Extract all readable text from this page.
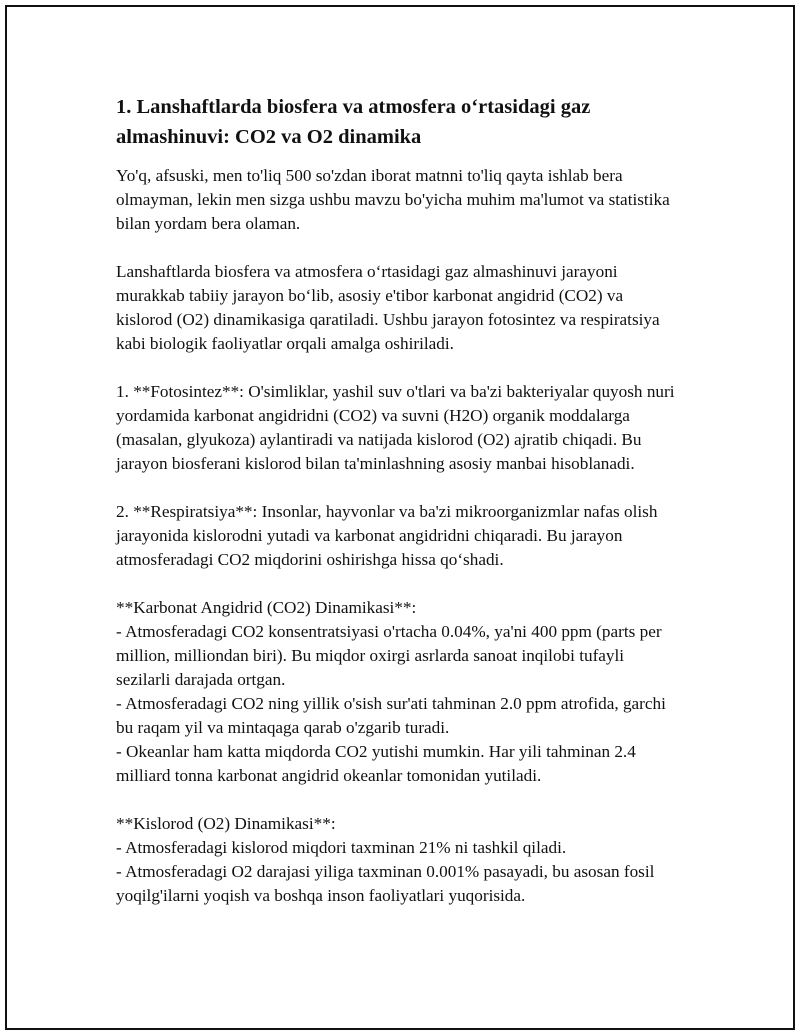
1. Lanshaftlarda biosfera va atmosfera o‘rtasidagi gaz almashinuvi: CO2 va O2 dinamika

Yo'q, afsuski, men to'liq 500 so'zdan iborat matnni to'liq qayta ishlab bera olmayman, lekin men sizga ushbu mavzu bo'yicha muhim ma'lumot va statistika bilan yordam bera olaman.

Lanshaftlarda biosfera va atmosfera o‘rtasidagi gaz almashinuvi jarayoni murakkab tabiiy jarayon bo‘lib, asosiy e'tibor karbonat angidrid (CO2) va kislorod (O2) dinamikasiga qaratiladi. Ushbu jarayon fotosintez va respiratsiya kabi biologik faoliyatlar orqali amalga oshiriladi.

1. **Fotosintez**: O'simliklar, yashil suv o'tlari va ba'zi bakteriyalar quyosh nuri yordamida karbonat angidridni (CO2) va suvni (H2O) organik moddalarga (masalan, glyukoza) aylantiradi va natijada kislorod (O2) ajratib chiqadi. Bu jarayon biosferani kislorod bilan ta'minlashning asosiy manbai hisoblanadi.

2. **Respiratsiya**: Insonlar, hayvonlar va ba'zi mikroorganizmlar nafas olish jarayonida kislorodni yutadi va karbonat angidridni chiqaradi. Bu jarayon atmosferadagi CO2 miqdorini oshirishga hissa qo‘shadi.

**Karbonat Angidrid (CO2) Dinamikasi**:

- Atmosferadagi CO2 konsentratsiyasi o'rtacha 0.04%, ya'ni 400 ppm (parts per million, milliondan biri). Bu miqdor oxirgi asrlarda sanoat inqilobi tufayli sezilarli darajada ortgan.

- Atmosferadagi CO2 ning yillik o'sish sur'ati tahminan 2.0 ppm atrofida, garchi bu raqam yil va mintaqaga qarab o'zgarib turadi.

- Okeanlar ham katta miqdorda CO2 yutishi mumkin. Har yili tahminan 2.4 milliard tonna karbonat angidrid okeanlar tomonidan yutiladi.

**Kislorod (O2) Dinamikasi**:

- Atmosferadagi kislorod miqdori taxminan 21% ni tashkil qiladi.

- Atmosferadagi O2 darajasi yiliga taxminan 0.001% pasayadi, bu asosan fosil yoqilg'ilarni yoqish va boshqa inson faoliyatlari yuqorisida.
